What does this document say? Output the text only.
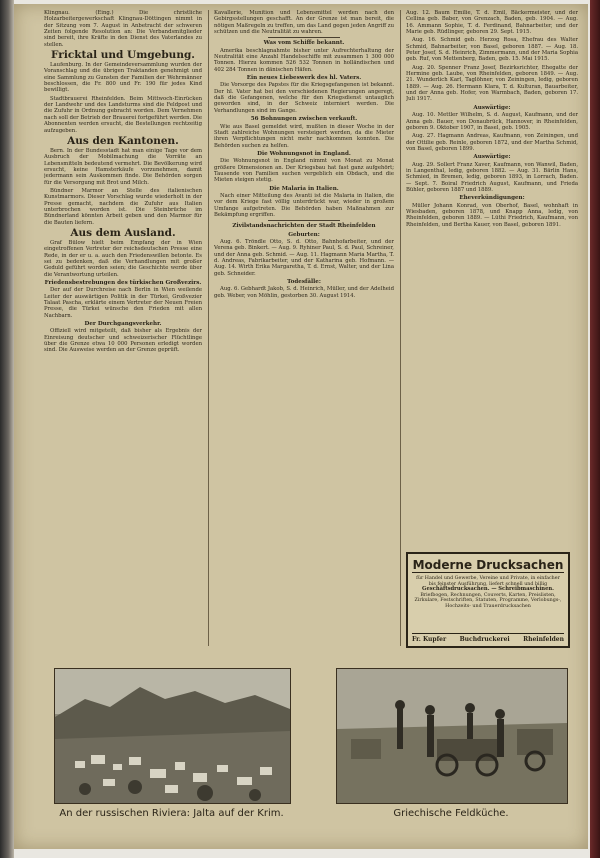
Klingnau. (Eing.) Die christliche Holzarbeitergewerkschaft Klingnau-Döttingen nimmt in der Sitzung vom 7. August in Anbetracht der schweren Zeiten folgende Resolution an: Die Verbandsmitglieder sind bereit, ihre Kräfte in den Dienst des Vaterlandes zu stellen.

Fricktal und Umgebung.

Laufenburg. In der Gemeindeversammlung wurden der Voranschlag und die übrigen Traktanden genehmigt und eine Sammlung zu Gunsten der Familien der Wehrmänner beschlossen, die Fr. 800 und Fr. 190 für jedes Kind bewilligt.

Stadtbrauerei Rheinfelden. Beim Mittwoch-Einrücken der Landwehr und des Landsturms sind die Feldpost und die Zufuhr in Ordnung gebracht worden. Dem Vernehmen nach soll der Betrieb der Brauerei fortgeführt werden. Die Abonnenten werden ersucht, die Bestellungen rechtzeitig aufzugeben.

Aus den Kantonen.

Bern. In der Bundesstadt hat man einige Tage vor dem Ausbruch der Mobilmachung die Vorräte an Lebensmitteln bedeutend vermehrt. Die Bevölkerung wird ersucht, keine Hamsterkäufe vorzunehmen, damit jedermann sein Auskommen finde. Die Behörden sorgen für die Versorgung mit Brot und Milch.

Bündner Marmor an Stelle des italienischen Kunstmarmors. Dieser Vorschlag wurde wiederholt in der Presse gemacht, nachdem die Zufuhr aus Italien unterbrochen worden ist. Die Steinbrüche im Bündnerland könnten Arbeit geben und den Marmor für die Bauten liefern.

Aus dem Ausland.

Graf Bülow hielt beim Empfang der in Wien eingetroffenen Vertreter der reichsdeutschen Presse eine Rede, in der er u. a. auch den Friedenswillen betonte. Es sei zu bedenken, daß die Verhandlungen mit großer Geduld geführt worden seien; die Geschichte werde über die Verantwortung urteilen.

Friedensbestrebungen des türkischen Großvezirs.

Der auf der Durchreise nach Berlin in Wien weilende Leiter der auswärtigen Politik in der Türkei, Großvezier Talaat Pascha, erklärte einem Vertreter der Neuen Freien Presse, die Türkei wünsche den Frieden mit allen Nachbarn.

Der Durchgangsverkehr.

Offiziell wird mitgeteilt, daß bisher als Ergebnis der Einreisung deutscher und schweizerischer Flüchtlinge über die Grenze etwa 10 000 Personen erledigt worden sind. Die Ausweise werden an der Grenze geprüft.

Kavallerie, Munition und Lebensmittel werden nach den Gebirgsstellungen geschafft. An der Grenze ist man bereit, die nötigen Maßregeln zu treffen, um das Land gegen jeden Angriff zu schützen und die Neutralität zu wahren.

Was vom Schiffe bekannt.

Amerika beschlagnahmte bisher unter Aufrechterhaltung der Neutralität eine Anzahl Handelsschiffe mit zusammen 1 300 000 Tonnen. Hierzu kommen 526 532 Tonnen in holländischen und 402 284 Tonnen in dänischen Häfen.

Ein neues Liebeswerk des hl. Vaters.

Die Vorsorge des Papstes für die Kriegsgefangenen ist bekannt. Der hl. Vater hat bei den verschiedenen Regierungen angeregt, daß die Gefangenen, welche für den Kriegsdienst untauglich geworden sind, in der Schweiz interniert werden. Die Verhandlungen sind im Gange.

56 Bohnungen zwischen verkauft.

Wie aus Basel gemeldet wird, mußten in dieser Woche in der Stadt zahlreiche Wohnungen versteigert werden, da die Mieter ihren Verpflichtungen nicht mehr nachkommen konnten. Die Behörden suchen zu helfen.

Die Wohnungsnot in England.

Die Wohnungsnot in England nimmt von Monat zu Monat größere Dimensionen an. Der Kriegsbau hat fast ganz aufgehört; Tausende von Familien suchen vergeblich ein Obdach, und die Mieten steigen stetig.

Die Malaria in Italien.

Nach einer Mitteilung des Avanti ist die Malaria in Italien, die vor dem Kriege fast völlig unterdrückt war, wieder in großem Umfange aufgetreten. Die Behörden haben Maßnahmen zur Bekämpfung ergriffen.

Zivilstandsnachrichten der Stadt Rheinfelden
Geburten:

Aug. 6. Tröndle Otto, S. d. Otto, Bahnhofarbeiter, und der Verena geb. Binkert. — Aug. 9. Ryhiner Paul, S. d. Paul, Schreiner, und der Anna geb. Schmid. — Aug. 11. Hagmann Maria Martha, T. d. Andreas, Fabrikarbeiter, und der Katharina geb. Hofmann. — Aug. 14. Wirth Erika Margaretha, T. d. Ernst, Walter, und der Lina geb. Schneider.

Todesfälle:

Aug. 6. Gebhardt Jakob, S. d. Heinrich, Müller, und der Adelheid geb. Weber, von Möhlin, gestorben 30. August 1914.

Aug. 12. Baum Emilie, T. d. Emil, Bäckermeister, und der Cellina geb. Baber, von Grenzach, Baden, geb. 1904. — Aug. 16. Ammann Sophie, T. d. Ferdinand, Bahnarbeiter, und der Marie geb. Rüdlinger, geboren 29. Sept. 1915.

Aug. 16. Schmid geb. Herzog Rosa, Ehefrau des Walter Schmid, Bahnarbeiter, von Basel, geboren 1887. — Aug. 18. Peter Josef, S. d. Heinrich, Zimmermann, und der Maria Sophia geb. Ruf, von Mettenberg, Baden, geb. 15. Mai 1915.

Aug. 20. Spenner Franz Josef, Bezirksrichter, Ehegatte der Hermine geb. Laube, von Rheinfelden, geboren 1849. — Aug. 21. Wunderlich Karl, Taglöhner, von Zeiningen, ledig, geboren 1889. — Aug. 26. Hermann Klara, T. d. Kulturan, Bauarbeiter, und der Anna geb. Hofer, von Warmbach, Baden, geboren 17. Juli 1917.

Auswärtige:

Aug. 10. Mettler Wilhelm, S. d. August, Kaufmann, und der Anna geb. Bauer, von Donaubrück, Hannover, in Rheinfelden, geboren 9. Oktober 1907, in Basel, geb. 1905.

Aug. 27. Hagmann Andreas, Kaufmann, von Zeiningen, und der Ottilie geb. Reinle, geboren 1872, und der Martha Schmid, von Basel, geboren 1899.

Auswärtige:

Aug. 29. Sollert Franz Xaver, Kaufmann, von Wanwil, Baden, in Langenthal, ledig, geboren 1882. — Aug. 31. Bärlin Hans, Schmied, in Bremen, ledig, geboren 1893, in Lorrach, Baden. — Sept. 7. Boiral Friedrich August, Kaufmann, und Frieda Bühler, geboren 1887 und 1889.

Eheverkündigungen:

Müller Johann Konrad, von Oberhof, Basel, wohnhaft in Wiesbaden, geboren 1878, und Knapp Anna, ledig, von Rheinfelden, geboren 1889. — Lüthi Friedrich, Kaufmann, von Rheinfelden, und Bertha Kauer, von Basel, geboren 1891.

Moderne Drucksachen
für Handel und Gewerbe, Vereine und Private, in einfacher bis feinster Ausführung, liefert schnell und billig
Geschäftsdrucksachen. — Schreibmaschinen.
Briefbogen, Rechnungen, Couverts, Karten, Preislisten, Zirkulare, Festschriften, Statuten, Programme, Verlobungs-, Hochzeits- und Trauerdrucksachen
Fr. Kupfer Buchdruckerei Rheinfelden
An der russischen Riviera: Jalta auf der Krim.	Griechische Feldküche.
